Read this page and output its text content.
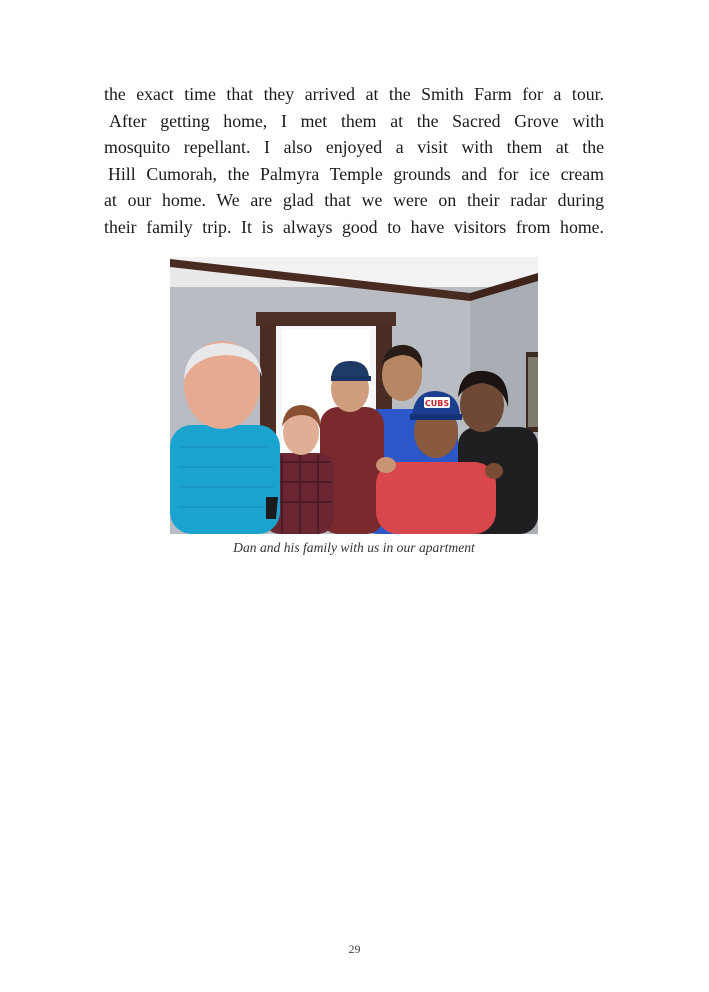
the exact time that they arrived at the Smith Farm for a tour.
After getting home, I met them at the Sacred Grove with
mosquito repellant. I also enjoyed a visit with them at the
Hill Cumorah, the Palmyra Temple grounds and for ice cream
at our home. We are glad that we were on their radar during
their family trip. It is always good to have visitors from home.
CUBS
Dan and his family with us in our apartment
29
